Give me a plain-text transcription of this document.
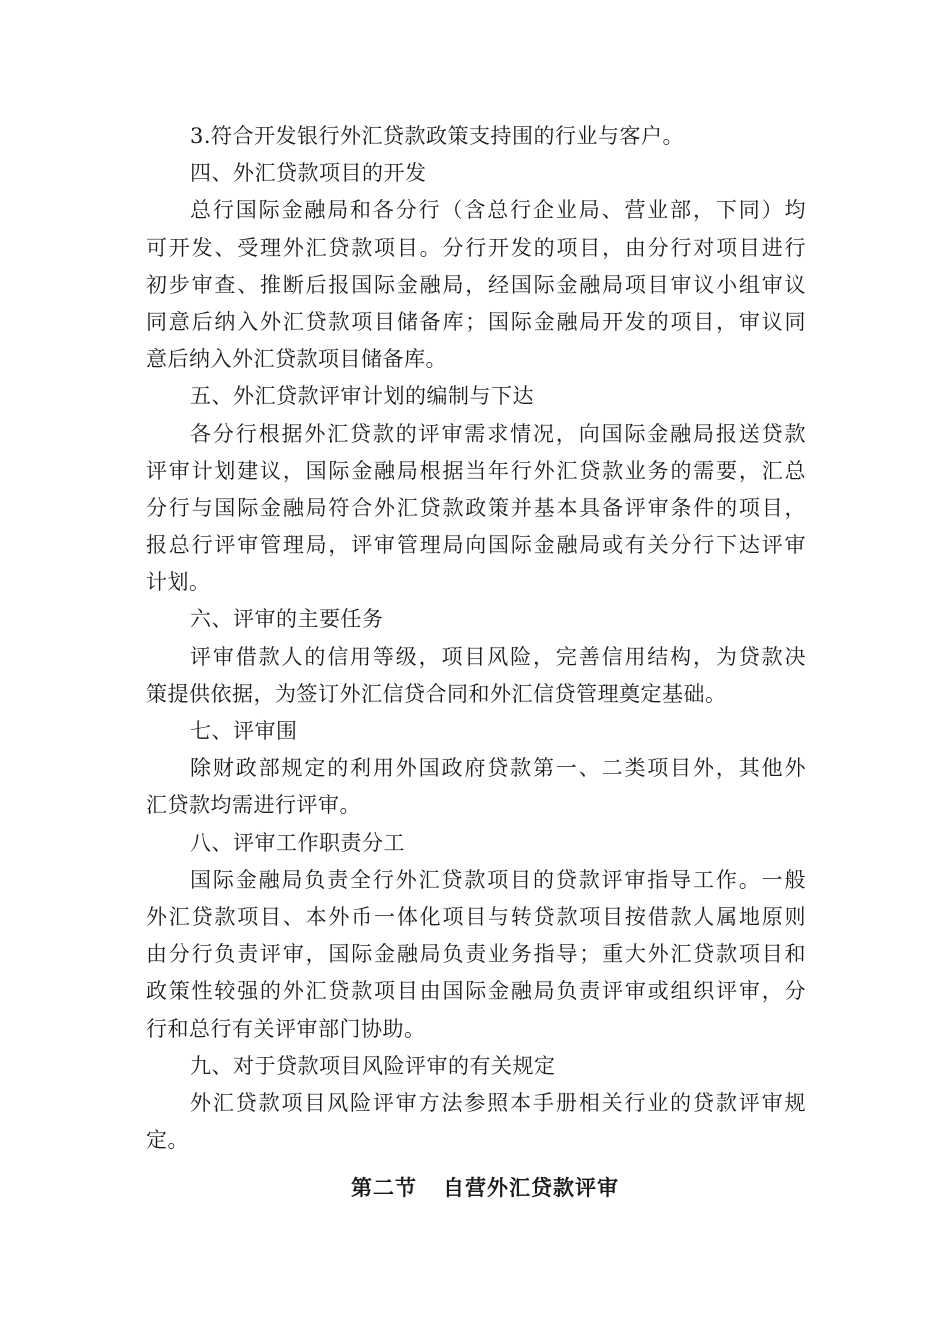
3.符合开发银行外汇贷款政策支持围的行业与客户。
四、外汇贷款项目的开发
总行国际金融局和各分行（含总行企业局、营业部，下同）均
可开发、受理外汇贷款项目。分行开发的项目，由分行对项目进行
初步审查、推断后报国际金融局，经国际金融局项目审议小组审议
同意后纳入外汇贷款项目储备库；国际金融局开发的项目，审议同
意后纳入外汇贷款项目储备库。
五、外汇贷款评审计划的编制与下达
各分行根据外汇贷款的评审需求情况，向国际金融局报送贷款
评审计划建议，国际金融局根据当年行外汇贷款业务的需要，汇总
分行与国际金融局符合外汇贷款政策并基本具备评审条件的项目，
报总行评审管理局，评审管理局向国际金融局或有关分行下达评审
计划。
六、评审的主要任务
评审借款人的信用等级，项目风险，完善信用结构，为贷款决
策提供依据，为签订外汇信贷合同和外汇信贷管理奠定基础。
七、评审围
除财政部规定的利用外国政府贷款第一、二类项目外，其他外
汇贷款均需进行评审。
八、评审工作职责分工
国际金融局负责全行外汇贷款项目的贷款评审指导工作。一般
外汇贷款项目、本外币一体化项目与转贷款项目按借款人属地原则
由分行负责评审，国际金融局负责业务指导；重大外汇贷款项目和
政策性较强的外汇贷款项目由国际金融局负责评审或组织评审，分
行和总行有关评审部门协助。
九、对于贷款项目风险评审的有关规定
外汇贷款项目风险评审方法参照本手册相关行业的贷款评审规
定。
第二节 自营外汇贷款评审
